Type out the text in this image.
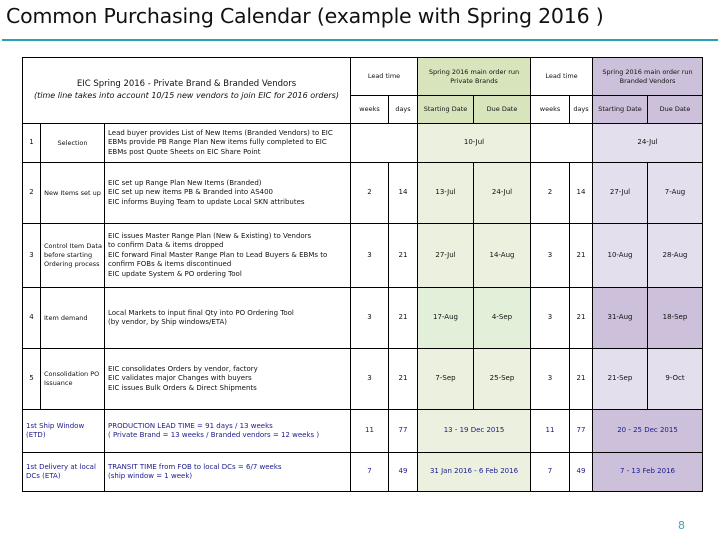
Common Purchasing Calendar (example with Spring 2016 )
EIC Spring 2016 - Private Brand & Branded Vendors
(time line takes into account 10/15 new vendors to join EIC for 2016 orders)			Lead time		Spring 2016 main order run Private Brands		Lead time		Spring 2016 main order run Branded Vendors	
			weeks	days	Starting Date	Due Date	weeks	days	Starting Date	Due Date
1	Selection	Lead buyer provides List of New Items (Branded Vendors) to EIC
EBMs provide PB Range Plan New items fully completed to EIC
EBMs post Quote Sheets on EIC Share Point			10-Jul				24-Jul	
2	New Items set up	EIC set up Range Plan New Items (Branded)
EIC set up new items PB & Branded into AS400
EIC informs Buying Team to update Local SKN attributes	2	14	13-Jul	24-Jul	2	14	27-Jul	7-Aug
3	Control Item Data before starting Ordering process	EIC issues Master Range Plan (New & Existing) to Vendors
to confirm Data & items dropped
EIC forward Final Master Range Plan to Lead Buyers & EBMs to
confirm FOBs & items discontinued
EIC update System & PO ordering Tool	3	21	27-Jul	14-Aug	3	21	10-Aug	28-Aug
4	Item demand	Local Markets to input final Qty into PO Ordering Tool
(by vendor, by Ship windows/ETA)	3	21	17-Aug	4-Sep	3	21	31-Aug	18-Sep
5	Consolidation PO Issuance	EIC consolidates Orders by vendor, factory
EIC validates major Changes with buyers
EIC issues Bulk Orders & Direct Shipments	3	21	7-Sep	25-Sep	3	21	21-Sep	9-Oct
1st Ship Window (ETD)		PRODUCTION LEAD TIME = 91 days / 13 weeks
( Private Brand = 13 weeks / Branded vendors = 12 weeks )	11	77	13 - 19 Dec 2015		11	77	20 - 25 Dec 2015	
1st Delivery at local DCs (ETA)		TRANSIT TIME from FOB to local DCs = 6/7 weeks
(ship window = 1 week)	7	49	31 Jan 2016 - 6 Feb 2016		7	49	7 - 13 Feb 2016	
8
